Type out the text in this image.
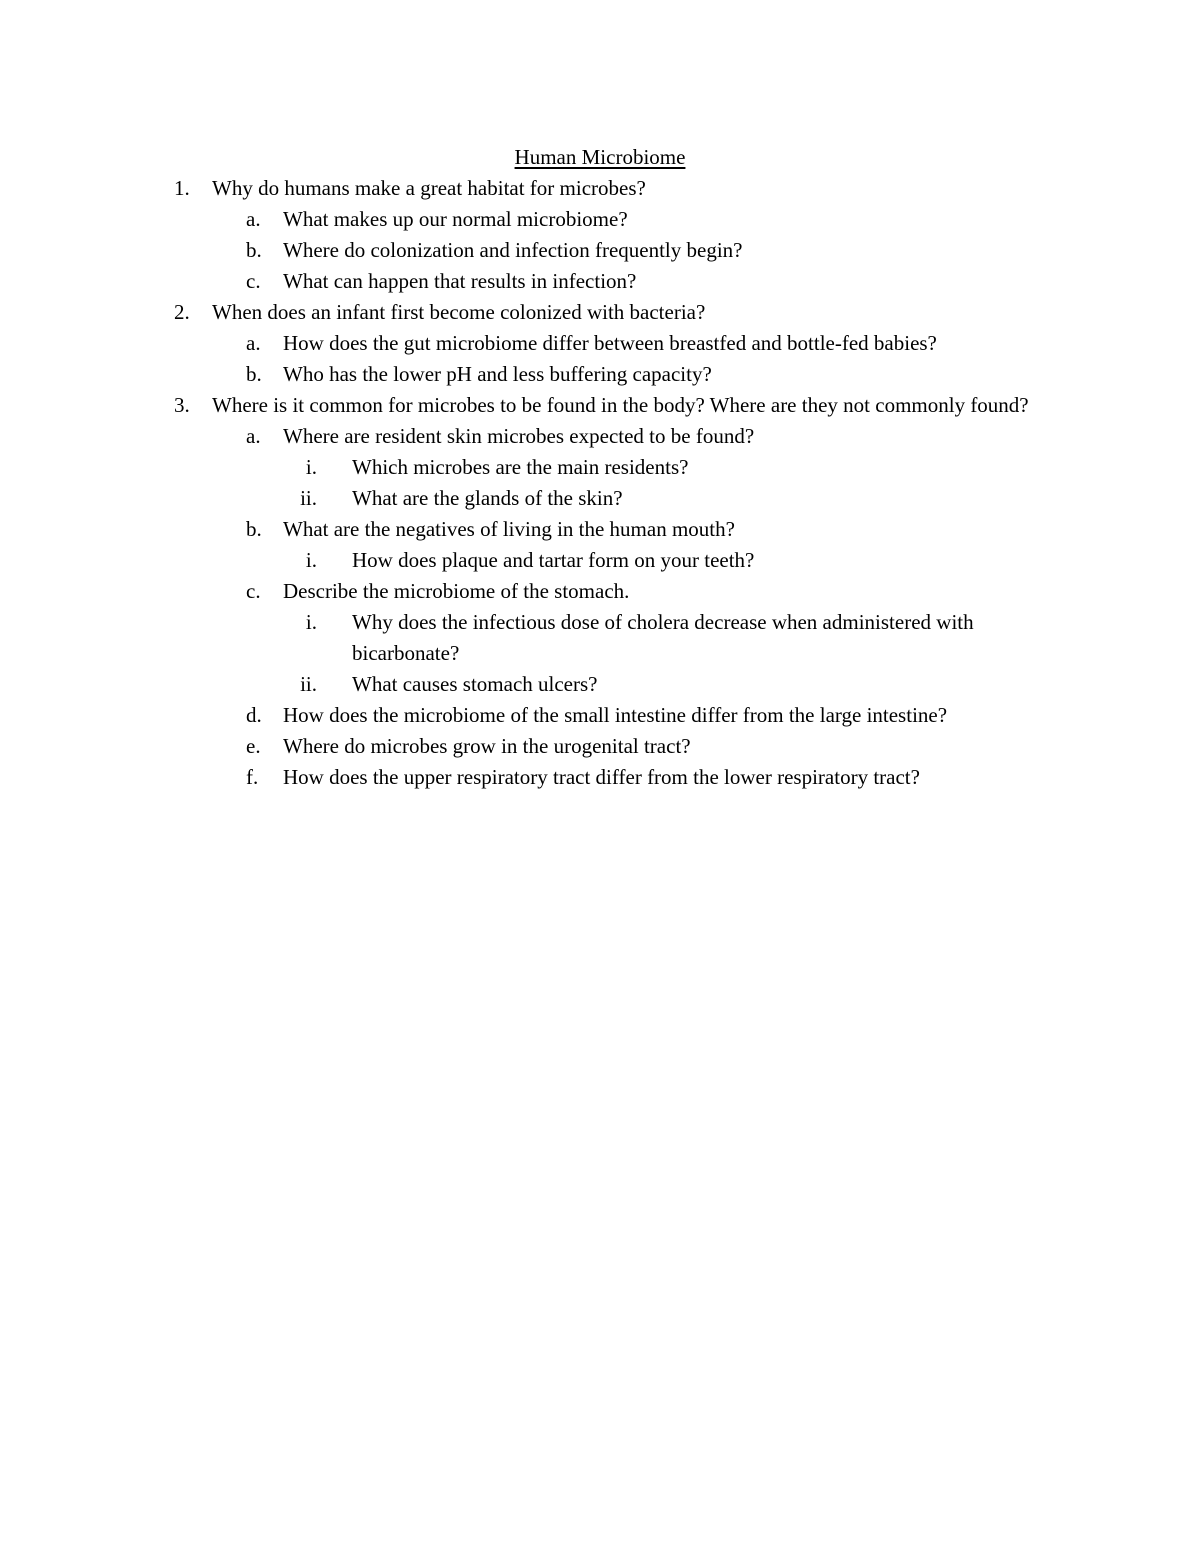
Human Microbiome
1. Why do humans make a great habitat for microbes?
a. What makes up our normal microbiome?
b. Where do colonization and infection frequently begin?
c. What can happen that results in infection?
2. When does an infant first become colonized with bacteria?
a. How does the gut microbiome differ between breastfed and bottle-fed babies?
b. Who has the lower pH and less buffering capacity?
3. Where is it common for microbes to be found in the body? Where are they not commonly found?
a. Where are resident skin microbes expected to be found?
i. Which microbes are the main residents?
ii. What are the glands of the skin?
b. What are the negatives of living in the human mouth?
i. How does plaque and tartar form on your teeth?
c. Describe the microbiome of the stomach.
i. Why does the infectious dose of cholera decrease when administered with bicarbonate?
ii. What causes stomach ulcers?
d. How does the microbiome of the small intestine differ from the large intestine?
e. Where do microbes grow in the urogenital tract?
f. How does the upper respiratory tract differ from the lower respiratory tract?
